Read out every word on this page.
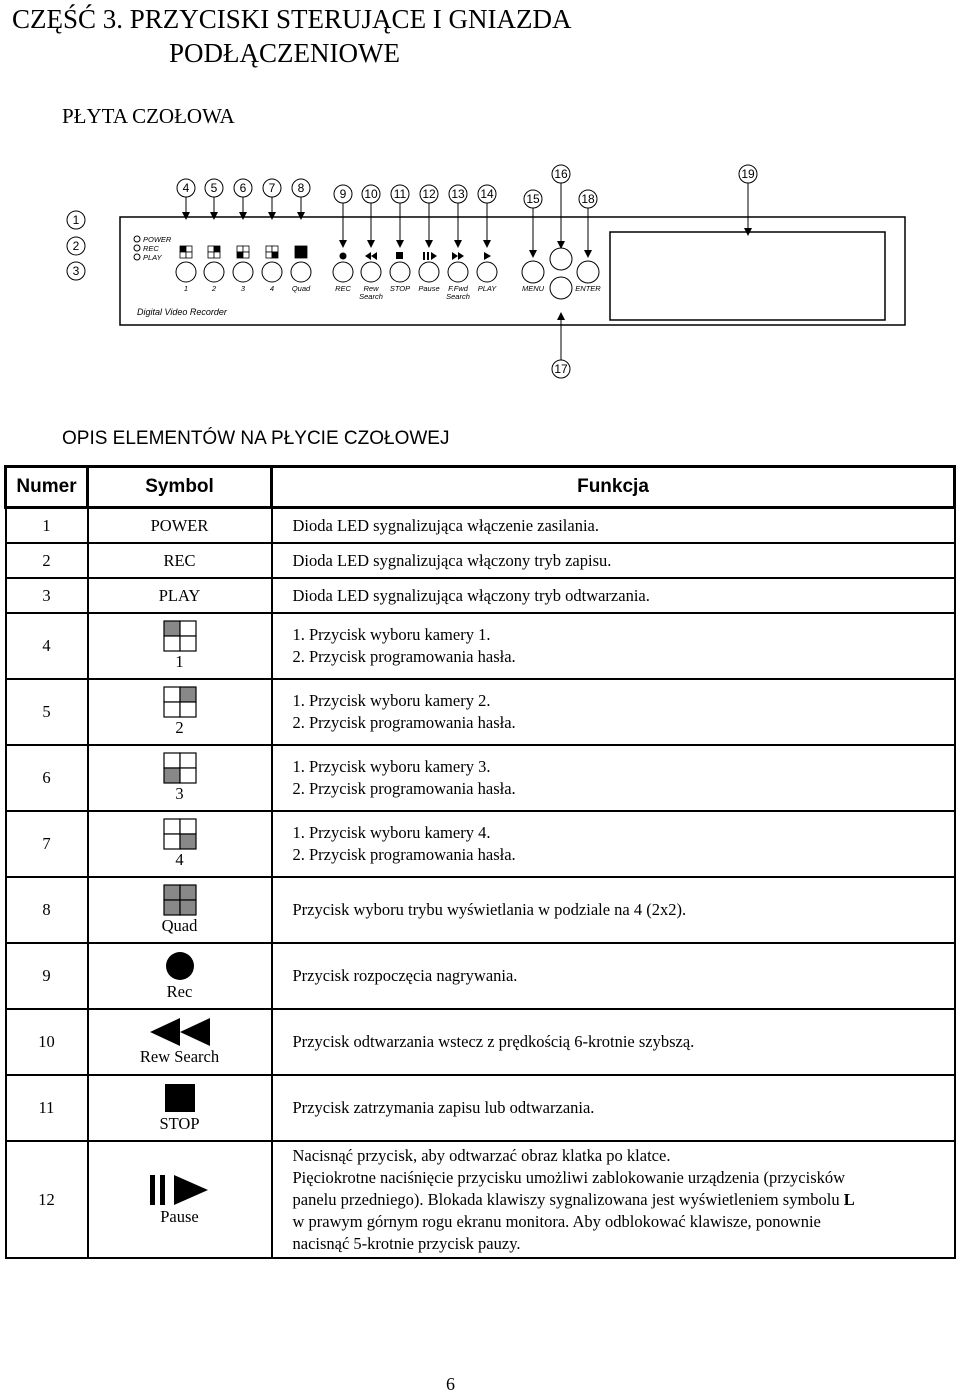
CZĘŚĆ 3. PRZYCISKI STERUJĄCE I GNIAZDA
PODŁĄCZENIOWE
PŁYTA CZOŁOWA
1
2
3
4 5 6 7 8	9 10 11 12 13 14	15
16
17
18
19
POWER
REC
PLAY
1	2	3	4 Quad	REC Rew
Search
STOP Pause F.Fwd
Search
PLAY	MENU	ENTER
Digital Video Recorder
OPIS ELEMENTÓW NA PŁYCIE CZOŁOWEJ
Numer	Symbol	Funkcja
1	POWER	Dioda LED sygnalizująca włączenie zasilania.

2	REC	Dioda LED sygnalizująca włączony tryb zapisu.

3	PLAY	Dioda LED sygnalizująca włączony tryb odtwarzania.

4	1	1. Przycisk wyboru kamery 1.
2. Przycisk programowania hasła.

5	2	1. Przycisk wyboru kamery 2.
2. Przycisk programowania hasła.

6	3	1. Przycisk wyboru kamery 3.
2. Przycisk programowania hasła.

7	4	1. Przycisk wyboru kamery 4.
2. Przycisk programowania hasła.

8	Quad	Przycisk wyboru trybu wyświetlania w podziale na 4 (2x2).

9	Rec	Przycisk rozpoczęcia nagrywania.

10	Rew Search	Przycisk odtwarzania wstecz z prędkością 6-krotnie szybszą.

11	STOP	Przycisk zatrzymania zapisu lub odtwarzania.

12	Pause	Nacisnąć przycisk, aby odtwarzać obraz klatka po klatce.
Pięciokrotne naciśnięcie przycisku umożliwi zablokowanie urządzenia (przycisków
panelu przedniego). Blokada klawiszy sygnalizowana jest wyświetleniem symbolu L
w prawym górnym rogu ekranu monitora. Aby odblokować klawisze, ponownie
nacisnąć 5-krotnie przycisk pauzy.

6
